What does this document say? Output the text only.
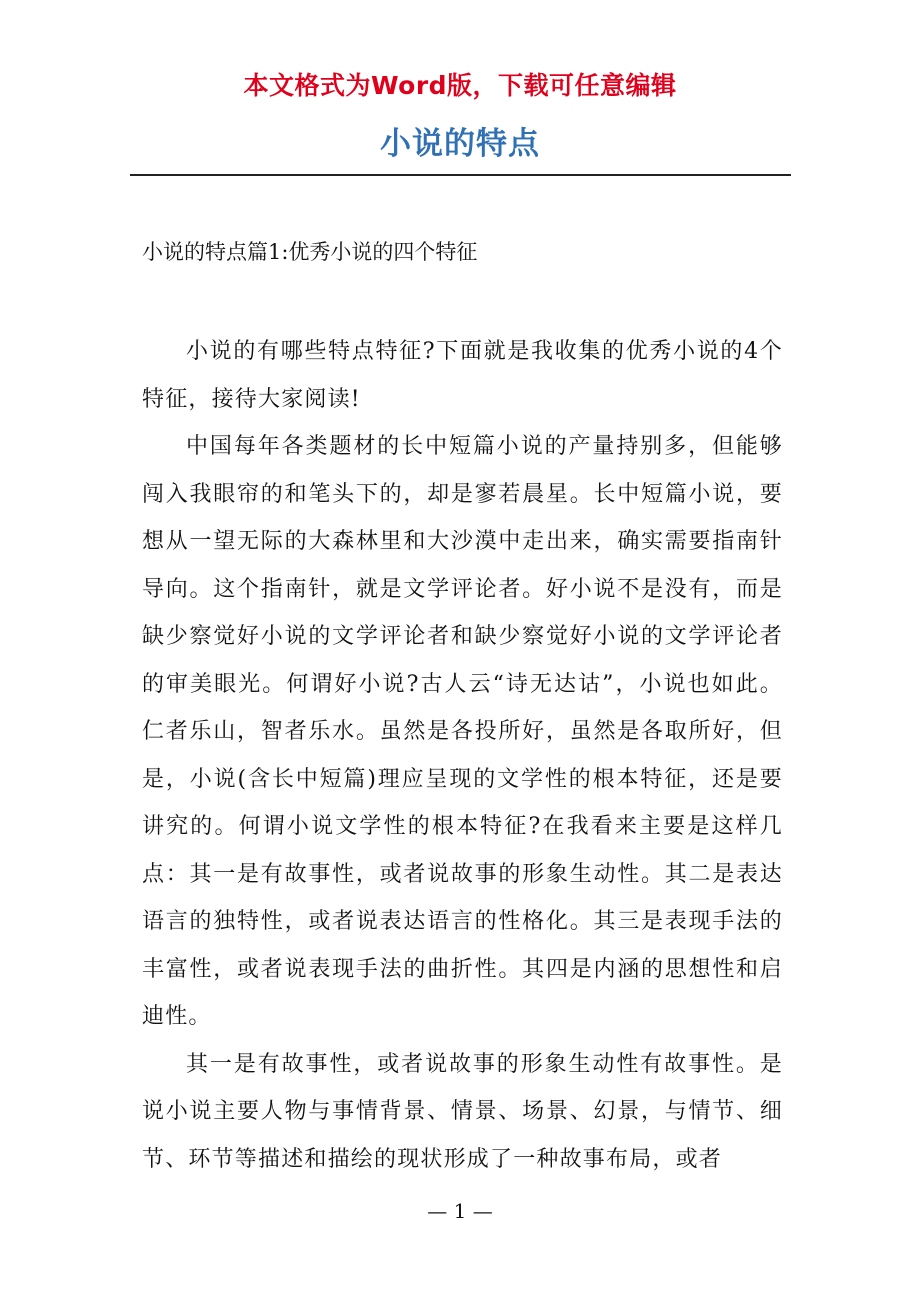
本文格式为Word版，下载可任意编辑
小说的特点
小说的特点篇1:优秀小说的四个特征

小说的有哪些特点特征?下面就是我收集的优秀小说的4个特征，接待大家阅读!

中国每年各类题材的长中短篇小说的产量持别多，但能够闯入我眼帘的和笔头下的，却是寥若晨星。长中短篇小说，要想从一望无际的大森林里和大沙漠中走出来，确实需要指南针导向。这个指南针，就是文学评论者。好小说不是没有，而是缺少察觉好小说的文学评论者和缺少察觉好小说的文学评论者的审美眼光。何谓好小说?古人云“诗无达诂”，小说也如此。仁者乐山，智者乐水。虽然是各投所好，虽然是各取所好，但是，小说(含长中短篇)理应呈现的文学性的根本特征，还是要讲究的。何谓小说文学性的根本特征?在我看来主要是这样几点：其一是有故事性，或者说故事的形象生动性。其二是表达语言的独特性，或者说表达语言的性格化。其三是表现手法的丰富性，或者说表现手法的曲折性。其四是内涵的思想性和启迪性。

其一是有故事性，或者说故事的形象生动性有故事性。是说小说主要人物与事情背景、情景、场景、幻景，与情节、细节、环节等描述和描绘的现状形成了一种故事布局，或者

— 1 —
